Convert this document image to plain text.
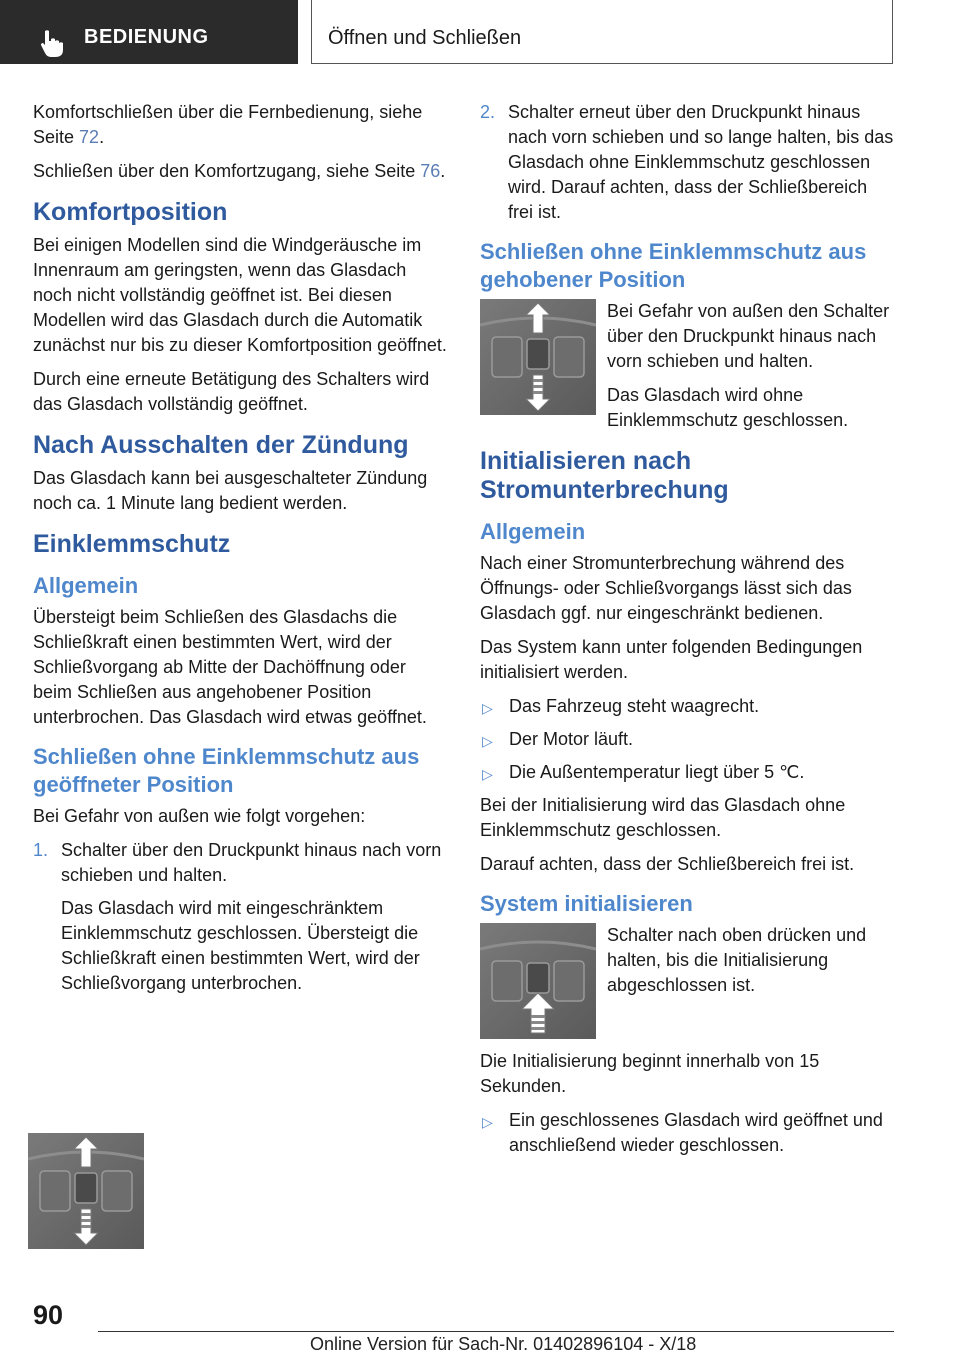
BEDIENUNG	Öffnen und Schließen

Komfortschließen über die Fernbedienung, siehe Seite 72.

Schließen über den Komfortzugang, siehe Seite 76.

Komfortposition

Bei einigen Modellen sind die Windgeräusche im Innenraum am geringsten, wenn das Glasdach noch nicht vollständig geöffnet ist. Bei diesen Modellen wird das Glasdach durch die Automatik zunächst nur bis zu dieser Komfortposition geöffnet.

Durch eine erneute Betätigung des Schalters wird das Glasdach vollständig geöffnet.

Nach Ausschalten der Zündung

Das Glasdach kann bei ausgeschalteter Zündung noch ca. 1 Minute lang bedient werden.

Einklemmschutz
Allgemein

Übersteigt beim Schließen des Glasdachs die Schließkraft einen bestimmten Wert, wird der Schließvorgang ab Mitte der Dachöffnung oder beim Schließen aus angehobener Position unterbrochen. Das Glasdach wird etwas geöffnet.

Schließen ohne Einklemmschutz aus geöffneter Position

Bei Gefahr von außen wie folgt vorgehen:

1. Schalter über den Druckpunkt hinaus nach vorn schieben und halten.

Das Glasdach wird mit eingeschränktem Einklemmschutz geschlossen. Übersteigt die Schließkraft einen bestimmten Wert, wird der Schließvorgang unterbrochen.

2. Schalter erneut über den Druckpunkt hinaus nach vorn schieben und so lange halten, bis das Glasdach ohne Einklemmschutz geschlossen wird. Darauf achten, dass der Schließbereich frei ist.
Schließen ohne Einklemmschutz aus gehobener Position

Bei Gefahr von außen den Schalter über den Druckpunkt hinaus nach vorn schieben und halten.

Das Glasdach wird ohne Einklemmschutz geschlossen.

Initialisieren nach Stromunterbrechung
Allgemein

Nach einer Stromunterbrechung während des Öffnungs- oder Schließvorgangs lässt sich das Glasdach ggf. nur eingeschränkt bedienen.

Das System kann unter folgenden Bedingungen initialisiert werden.

▷ Das Fahrzeug steht waagrecht.
▷ Der Motor läuft.
▷ Die Außentemperatur liegt über 5 ℃.

Bei der Initialisierung wird das Glasdach ohne Einklemmschutz geschlossen.

Darauf achten, dass der Schließbereich frei ist.

System initialisieren

Schalter nach oben drücken und halten, bis die Initialisierung abgeschlossen ist.

Die Initialisierung beginnt innerhalb von 15 Sekunden.

▷ Ein geschlossenes Glasdach wird geöffnet und anschließend wieder geschlossen.
90
Online Version für Sach-Nr. 01402896104 - X/18
